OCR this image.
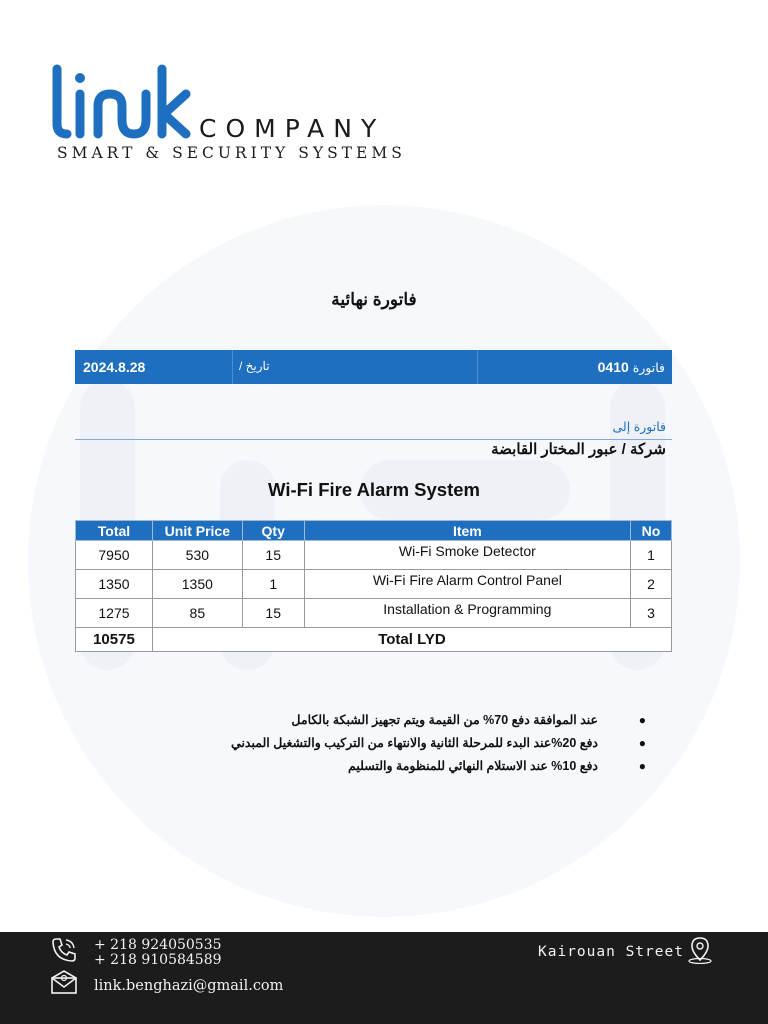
COMPANY
SMART & SECURITY SYSTEMS
فاتورة نهائية
2024.8.28	تاريخ /	فاتورة 0410
فاتورة إلى
شركة / عبور المختار القابضة
Wi-Fi Fire Alarm System
Total	Unit Price	Qty	Item	No
7950	530	15	Wi-Fi Smoke Detector	1
1350	1350	1	Wi-Fi Fire Alarm Control Panel	2
1275	85	15	Installation & Programming	3
10575	Total LYD			
●
عند الموافقة دفع 70% من القيمة ويتم تجهيز الشبكة بالكامل
●
دفع 20%عند البدء للمرحلة الثانية والانتهاء من التركيب والتشغيل المبدني
●
دفع 10% عند الاستلام النهائي للمنظومة والتسليم
+ 218 924050535
+ 218 910584589
link.benghazi@gmail.com
Kairouan Street
